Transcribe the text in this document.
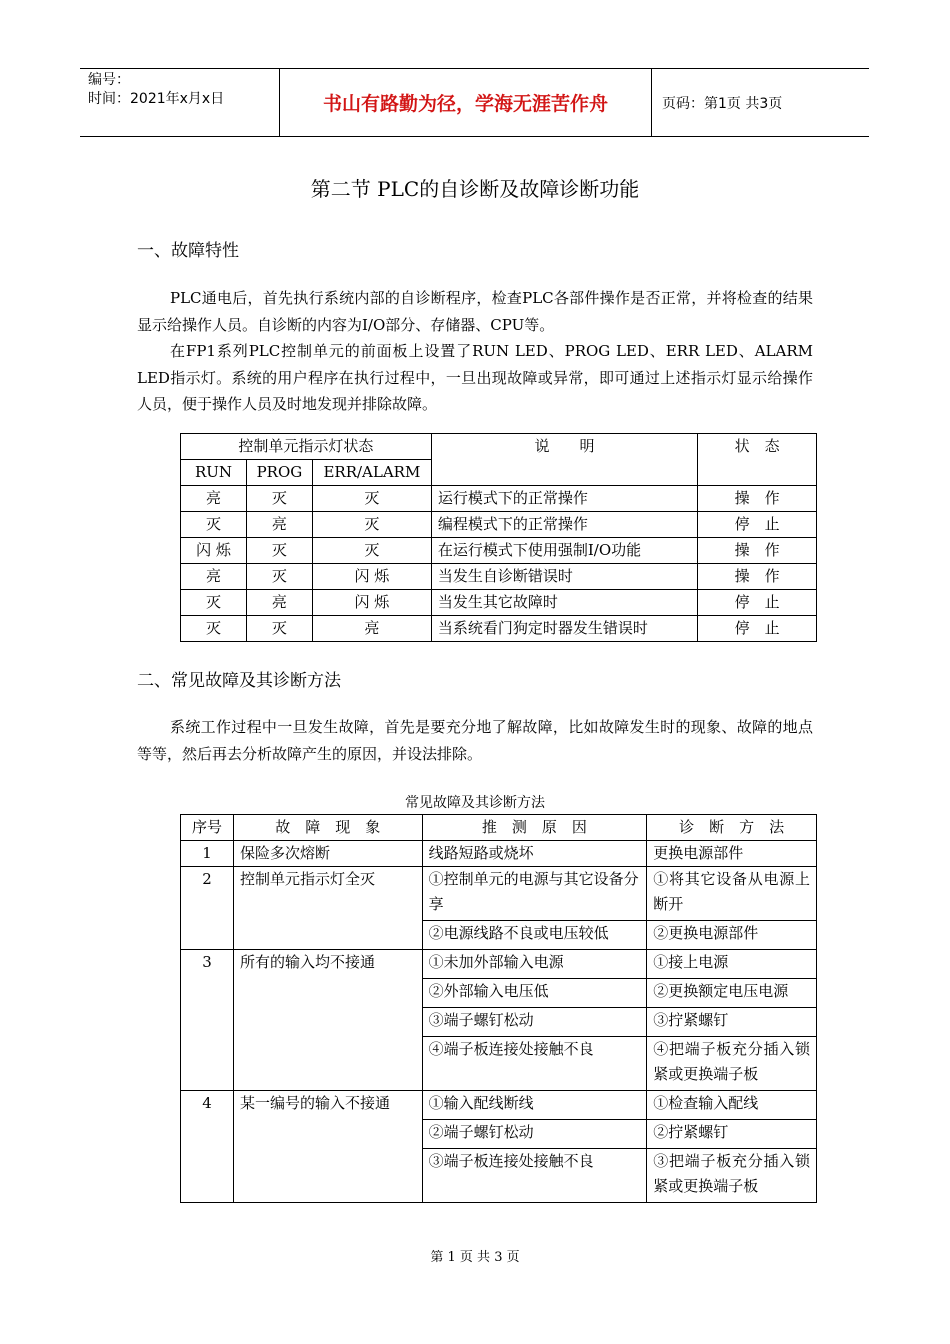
编号：
时间：2021年x月x日	书山有路勤为径，学海无涯苦作舟	页码：第1页 共3页
第二节 PLC的自诊断及故障诊断功能
一、故障特性

PLC通电后，首先执行系统内部的自诊断程序，检查PLC各部件操作是否正常，并将检查的结果显示给操作人员。自诊断的内容为I/O部分、存储器、CPU等。

在FP1系列PLC控制单元的前面板上设置了RUN LED、PROG LED、ERR LED、ALARM LED指示灯。系统的用户程序在执行过程中，一旦出现故障或异常，即可通过上述指示灯显示给操作人员，便于操作人员及时地发现并排除故障。

控制单元指示灯状态			说　　明	状　态
RUN	PROG	ERR/ALARM		
亮	灭	灭	运行模式下的正常操作	操　作
灭	亮	灭	编程模式下的正常操作	停　止
闪 烁	灭	灭	在运行模式下使用强制I/O功能	操　作
亮	灭	闪 烁	当发生自诊断错误时	操　作
灭	亮	闪 烁	当发生其它故障时	停　止
灭	灭	亮	当系统看门狗定时器发生错误时	停　止
二、常见故障及其诊断方法

系统工作过程中一旦发生故障，首先是要充分地了解故障，比如故障发生时的现象、故障的地点等等，然后再去分析故障产生的原因，并设法排除。

常见故障及其诊断方法
序号	故　障　现　象	推　测　原　因	诊　断　方　法
1	保险多次熔断	线路短路或烧坏	更换电源部件
2	控制单元指示灯全灭	①控制单元的电源与其它设备分享	①将其它设备从电源上断开
		②电源线路不良或电压较低	②更换电源部件
3	所有的输入均不接通	①未加外部输入电源	①接上电源
		②外部输入电压低	②更换额定电压电源
		③端子螺钉松动	③拧紧螺钉
		④端子板连接处接触不良	④把端子板充分插入锁紧或更换端子板
4	某一编号的输入不接通	①输入配线断线	①检查输入配线
		②端子螺钉松动	②拧紧螺钉
		③端子板连接处接触不良	③把端子板充分插入锁紧或更换端子板
第 1 页 共 3 页
